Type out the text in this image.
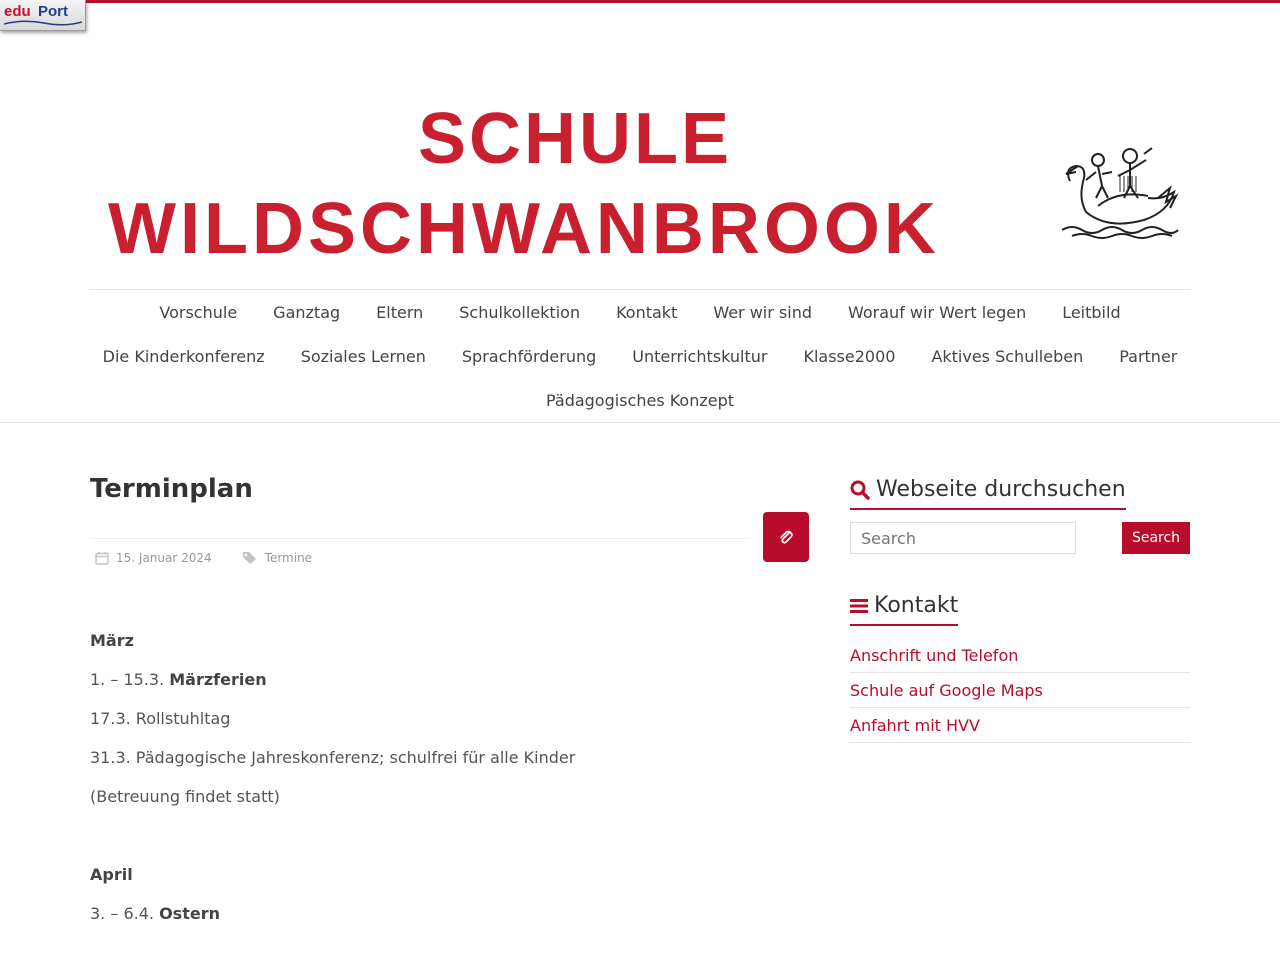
edu Port
SCHULE
WILDSCHWANBROOK
Vorschule	Ganztag	Eltern	Schulkollektion	Kontakt	Wer wir sind	Worauf wir Wert legen	Leitbild
Die Kinderkonferenz	Soziales Lernen	Sprachförderung	Unterrichtskultur	Klasse2000	Aktives Schulleben	Partner
Pädagogisches Konzept
Terminplan
15. Januar 2024	Termine

März

1. – 15.3. Märzferien

17.3. Rollstuhltag

31.3. Pädagogische Jahreskonferenz; schulfrei für alle Kinder

(Betreuung findet statt)

April

3. – 6.4. Ostern

Webseite durchsuchen
Search
Search
Kontakt
Anschrift und Telefon
Schule auf Google Maps
Anfahrt mit HVV
